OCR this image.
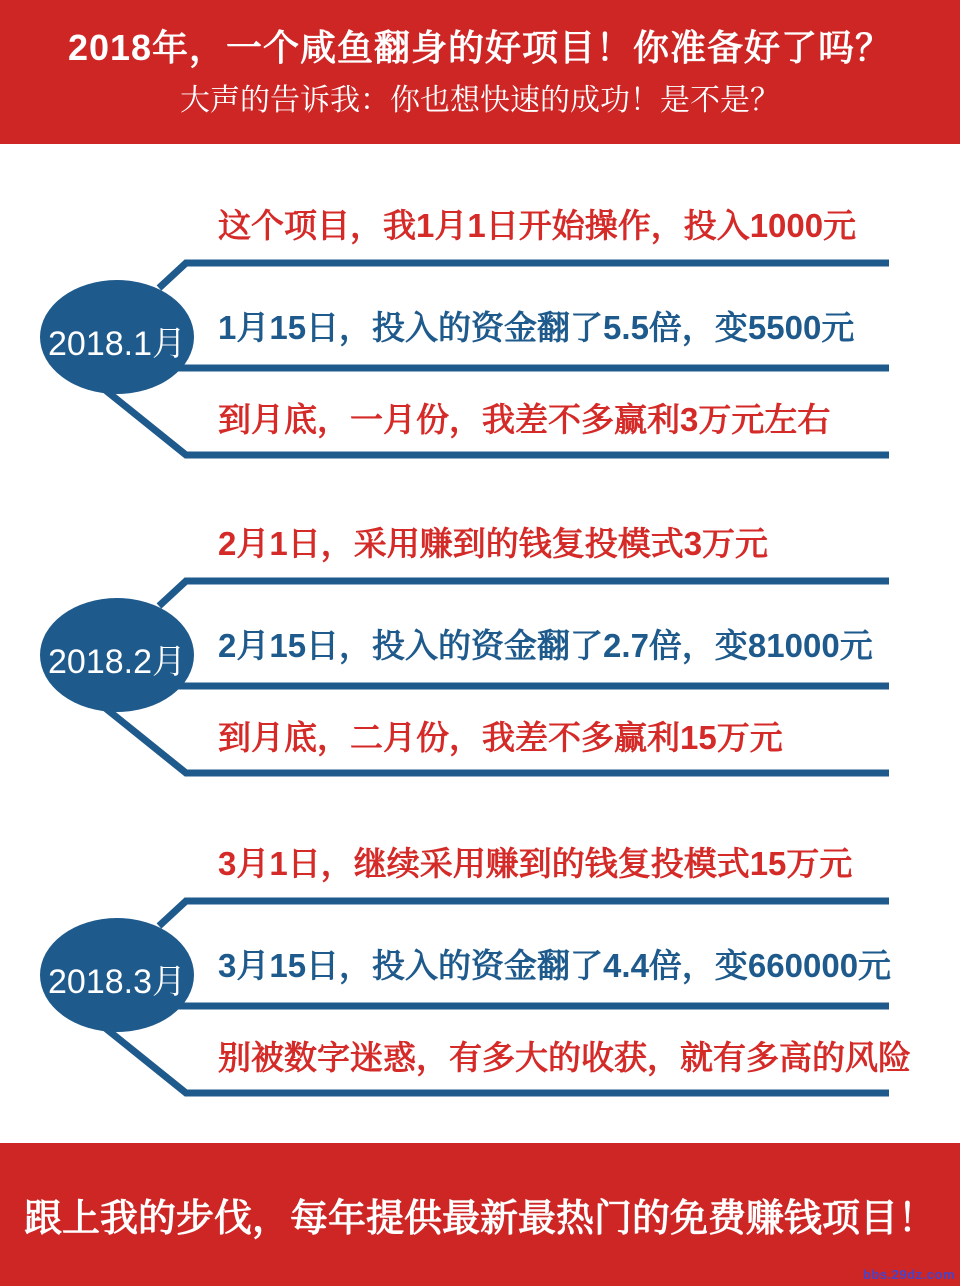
2018年，一个咸鱼翻身的好项目！你准备好了吗？
大声的告诉我：你也想快速的成功！是不是？
2018.1月
这个项目，我1月1日开始操作，投入1000元
1月15日，投入的资金翻了5.5倍，变5500元
到月底，一月份，我差不多赢利3万元左右
2018.2月
2月1日，采用赚到的钱复投模式3万元
2月15日，投入的资金翻了2.7倍，变81000元
到月底，二月份，我差不多赢利15万元
2018.3月
3月1日，继续采用赚到的钱复投模式15万元
3月15日，投入的资金翻了4.4倍，变660000元
别被数字迷惑，有多大的收获，就有多高的风险
跟上我的步伐，每年提供最新最热门的免费赚钱项目！
bbs.29dz.com
